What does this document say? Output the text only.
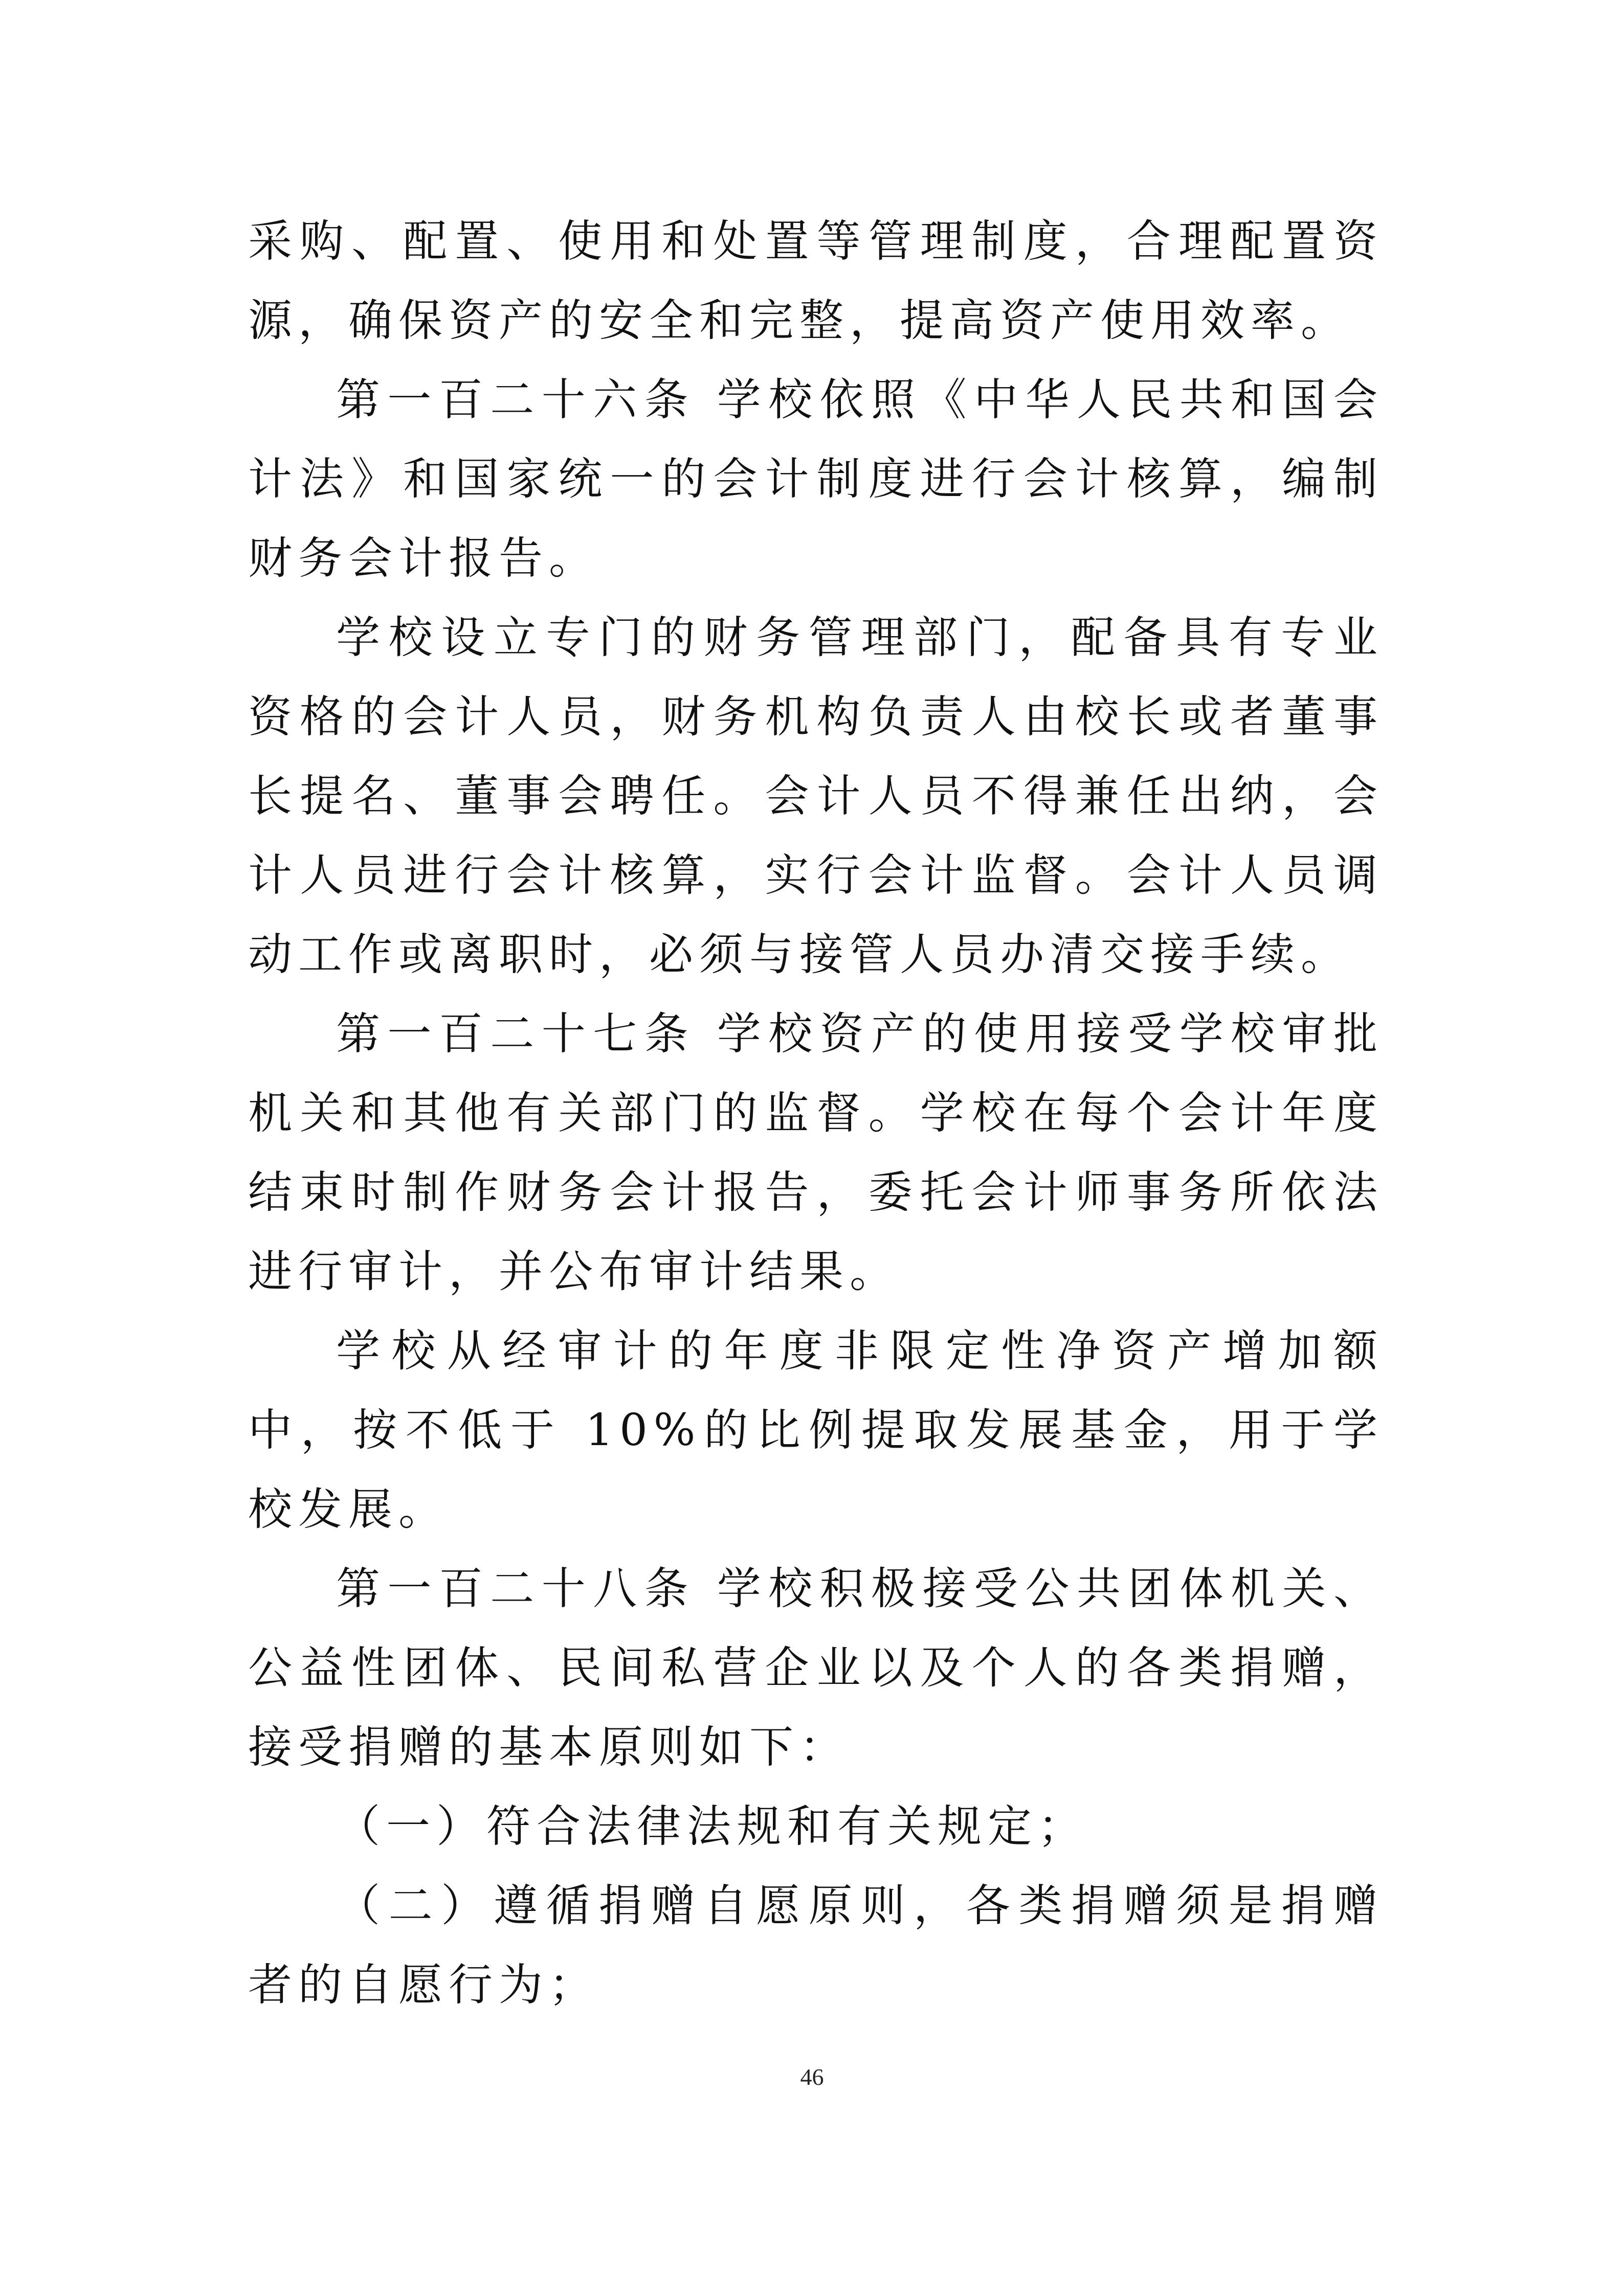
采购、配置、使用和处置等管理制度，合理配置资源，确保资产的安全和完整，提高资产使用效率。

第一百二十六条 学校依照《中华人民共和国会计法》和国家统一的会计制度进行会计核算，编制财务会计报告。

学校设立专门的财务管理部门，配备具有专业资格的会计人员，财务机构负责人由校长或者董事长提名、董事会聘任。会计人员不得兼任出纳，会计人员进行会计核算，实行会计监督。会计人员调动工作或离职时，必须与接管人员办清交接手续。

第一百二十七条 学校资产的使用接受学校审批机关和其他有关部门的监督。学校在每个会计年度结束时制作财务会计报告，委托会计师事务所依法进行审计，并公布审计结果。

学校从经审计的年度非限定性净资产增加额中，按不低于 10%的比例提取发展基金，用于学校发展。

第一百二十八条 学校积极接受公共团体机关、公益性团体、民间私营企业以及个人的各类捐赠，接受捐赠的基本原则如下：

（一）符合法律法规和有关规定；

（二）遵循捐赠自愿原则，各类捐赠须是捐赠者的自愿行为；

46
